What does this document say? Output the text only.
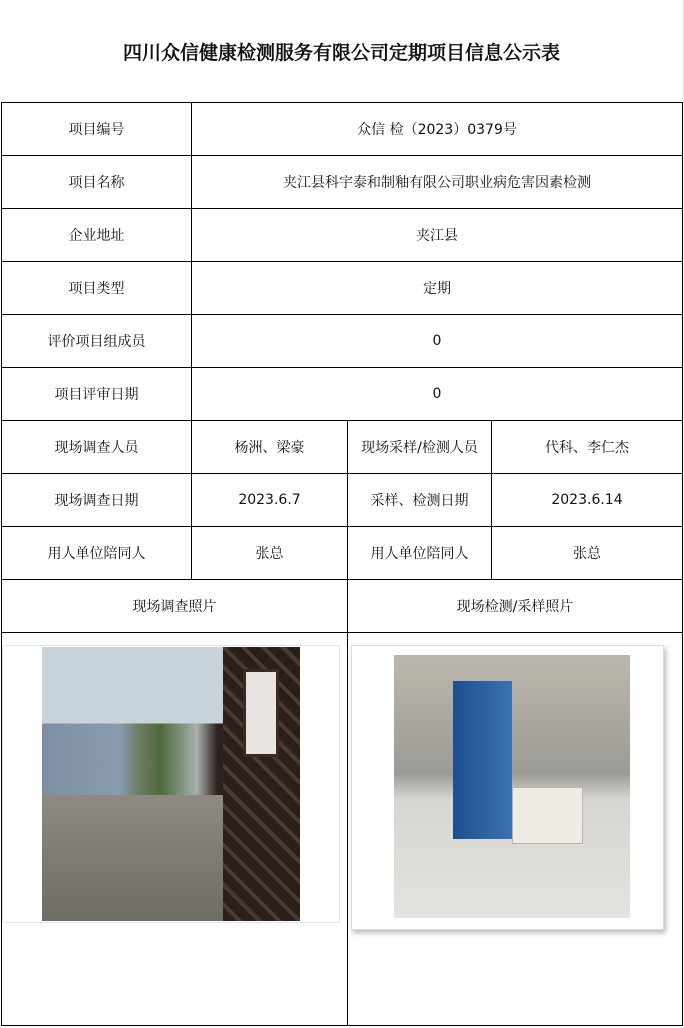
四川众信健康检测服务有限公司定期项目信息公示表
项目编号	众信 检（2023）0379号
项目名称	夹江县科宇泰和制釉有限公司职业病危害因素检测
企业地址	夹江县
项目类型	定期
评价项目组成员	0
项目评审日期	0
现场调查人员	杨洲、梁豪	现场采样/检测人员	代科、李仁杰
现场调查日期	2023.6.7	采样、检测日期	2023.6.14
用人单位陪同人	张总	用人单位陪同人	张总
现场调查照片	现场检测/采样照片
